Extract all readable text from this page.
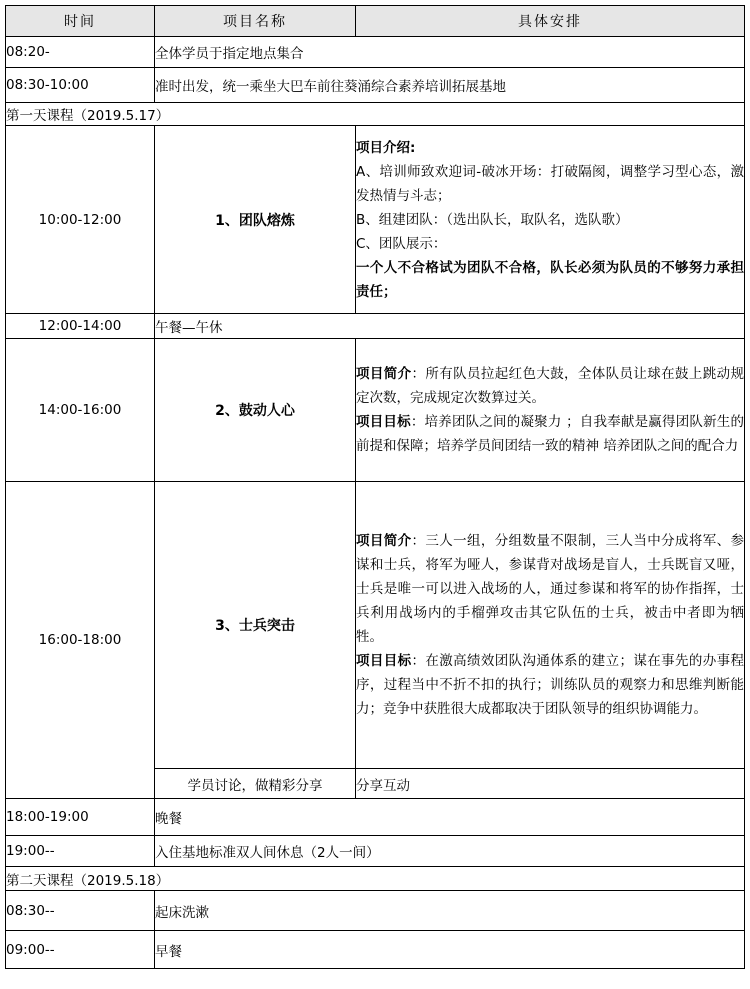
时间	项目名称	具体安排
08:20-	全体学员于指定地点集合	
08:30-10:00	准时出发，统一乘坐大巴车前往葵涌综合素养培训拓展基地	
第一天课程（2019.5.17）		
10:00-12:00	1、团队熔炼	项目介绍:

A、培训师致欢迎词-破冰开场：打破隔阂，调整学习型心态，激发热情与斗志；

B、组建团队：（选出队长，取队名，选队歌）

C、团队展示：

一个人不合格试为团队不合格，队长必须为队员的不够努力承担责任；

12:00-14:00	午餐—午休	
14:00-16:00	2、鼓动人心	项目简介：所有队员拉起红色大鼓，全体队员让球在鼓上跳动规定次数，完成规定次数算过关。

项目目标：培养团队之间的凝聚力 ；自我奉献是赢得团队新生的前提和保障；培养学员间团结一致的精神 培养团队之间的配合力

16:00-18:00	3、士兵突击	项目简介：三人一组，分组数量不限制，三人当中分成将军、参谋和士兵，将军为哑人，参谋背对战场是盲人，士兵既盲又哑，士兵是唯一可以进入战场的人，通过参谋和将军的协作指挥，士兵利用战场内的手榴弹攻击其它队伍的士兵，被击中者即为牺牲。

项目目标：在激高绩效团队沟通体系的建立；谋在事先的办事程序，过程当中不折不扣的执行；训练队员的观察力和思维判断能力；竞争中获胜很大成都取决于团队领导的组织协调能力。

	学员讨论，做精彩分享	分享互动
18:00-19:00	晚餐	
19:00--	入住基地标准双人间休息（2人一间）	
第二天课程（2019.5.18）		
08:30--	起床洗漱	
09:00--	早餐	
